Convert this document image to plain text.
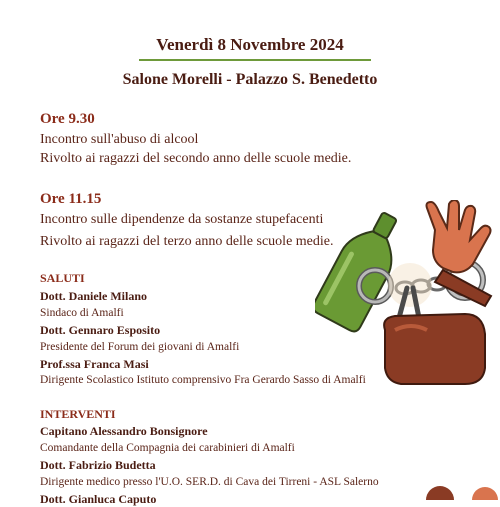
Venerdì 8 Novembre 2024
Salone Morelli - Palazzo S. Benedetto
Ore 9.30
Incontro sull'abuso di alcool
Rivolto ai ragazzi del secondo anno delle scuole medie.
Ore 11.15
Incontro sulle dipendenze da sostanze stupefacenti
Rivolto ai ragazzi del terzo anno delle scuole medie.
SALUTI
Dott. Daniele Milano
Sindaco di Amalfi
Dott. Gennaro Esposito
Presidente del Forum dei giovani di Amalfi
Prof.ssa Franca Masi
Dirigente Scolastico Istituto comprensivo Fra Gerardo Sasso di Amalfi
INTERVENTI
Capitano Alessandro Bonsignore
Comandante della Compagnia dei carabinieri di Amalfi
Dott. Fabrizio Budetta
Dirigente medico presso l'U.O. SER.D. di Cava dei Tirreni - ASL Salerno
Dott. Gianluca Caputo
